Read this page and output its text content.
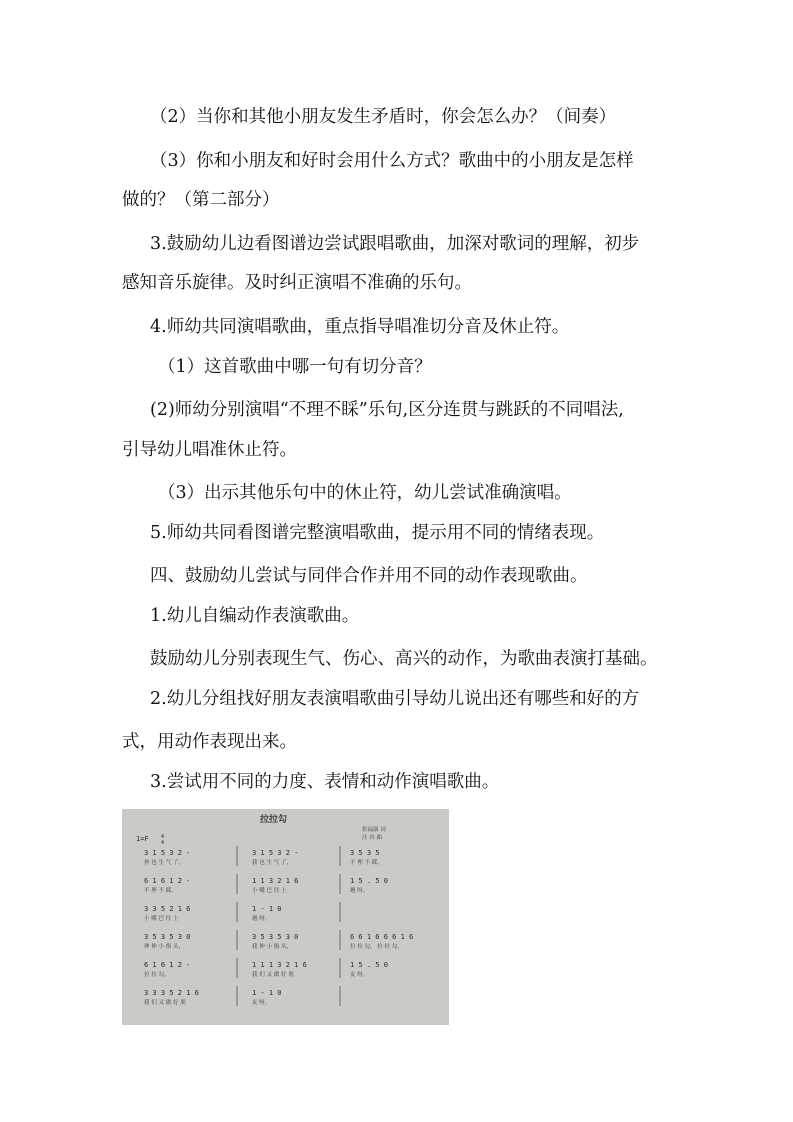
（2）当你和其他小朋友发生矛盾时，你会怎么办？（间奏）
（3）你和小朋友和好时会用什么方式？歌曲中的小朋友是怎样
做的？（第二部分）
3.鼓励幼儿边看图谱边尝试跟唱歌曲，加深对歌词的理解，初步
感知音乐旋律。及时纠正演唱不准确的乐句。
4.师幼共同演唱歌曲，重点指导唱准切分音及休止符。
（1）这首歌曲中哪一句有切分音？
(2)师幼分别演唱“不理不睬”乐句,区分连贯与跳跃的不同唱法,
引导幼儿唱准休止符。
（3）出示其他乐句中的休止符，幼儿尝试准确演唱。
5.师幼共同看图谱完整演唱歌曲，提示用不同的情绪表现。
四、鼓励幼儿尝试与同伴合作并用不同的动作表现歌曲。
1.幼儿自编动作表演歌曲。
鼓励幼儿分别表现生气、伤心、高兴的动作，为歌曲表演打基础。
2.幼儿分组找好朋友表演唱歌曲引导幼儿说出还有哪些和好的方
式，用动作表现出来。
3.尝试用不同的力度、表情和动作演唱歌曲。
拉拉勾
张福康 词
汪 玲 曲
1=F 4
4
3 1 5 3 2 -	3 1 5 3 2 -	3 5 3 5
你 也 生 气 了，	我 也 生 气 了，	不 理 不 睬，
6 1 6 1 2 -	1 1 3 2 1 6	1 5 . 5 0
不 理 不 睬。	小 嘴 巴 往 上	翘 呀。
3 3 5 2 1 6	1 - 1 0
小 嘴 巴 往 上	翘 呀。
3 5 3 5 3 0	3 5 3 5 3 0	6 6 1 6 6 6 1 6
伸 伸 小 指 头，	我 伸 小 指 头，	拉 拉 勾， 拉 拉 勾，
6 1 6 1 2 -	1 1 1 3 2 1 6	1 5 . 5 0
拉 拉 勾，	我 们 又 做 好 朋	友 呀。
3 3 3 5 2 1 6	1 - 1 0
我 们 又 做 好 朋	友 呀。
